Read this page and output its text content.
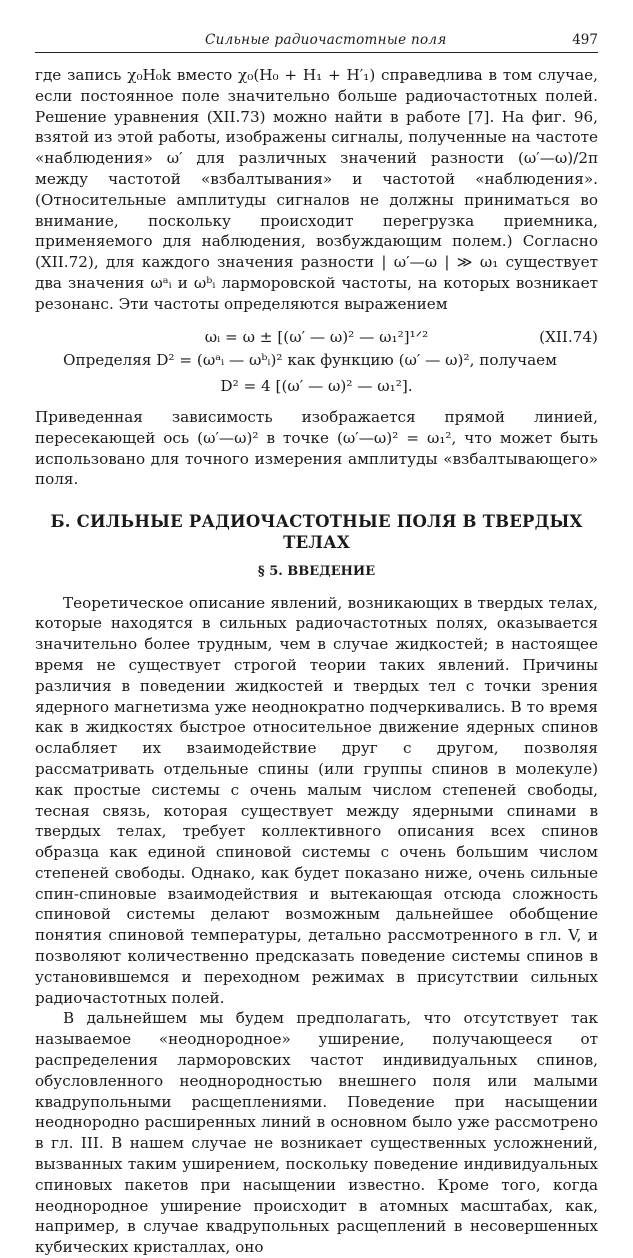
Сильные радиочастотные поля	497

где запись χ₀H₀k вместо χ₀(H₀ + H₁ + H′₁) справедлива в том случае, если постоянное поле значительно больше радиочастотных полей. Решение уравнения (XII.73) можно найти в работе [7]. На фиг. 96, взятой из этой работы, изображены сигналы, полученные на частоте «наблюдения» ω′ для различных значений разности (ω′—ω)/2π между частотой «взбалтывания» и частотой «наблюдения». (Относительные амплитуды сигналов не должны приниматься во внимание, поскольку происходит перегрузка приемника, применяемого для наблюдения, возбуждающим полем.) Согласно (XII.72), для каждого значения разности | ω′—ω | ≫ ω₁ существует два значения ωᵃᵢ и ωᵇᵢ ларморовской частоты, на которых возникает резонанс. Эти частоты определяются выражением

ωᵢ = ω ± [(ω′ — ω)² — ω₁²]¹ᐟ²	(XII.74)

Определяя D² = (ωᵃᵢ — ωᵇᵢ)² как функцию (ω′ — ω)², получаем

D² = 4 [(ω′ — ω)² — ω₁²].

Приведенная зависимость изображается прямой линией, пересекающей ось (ω′—ω)² в точке (ω′—ω)² = ω₁², что может быть использовано для точного измерения амплитуды «взбалтывающего» поля.

Б. СИЛЬНЫЕ РАДИОЧАСТОТНЫЕ ПОЛЯ В ТВЕРДЫХ ТЕЛАХ
§ 5. ВВЕДЕНИЕ

Теоретическое описание явлений, возникающих в твердых телах, которые находятся в сильных радиочастотных полях, оказывается значительно более трудным, чем в случае жидкостей; в настоящее время не существует строгой теории таких явлений. Причины различия в поведении жидкостей и твердых тел с точки зрения ядерного магнетизма уже неоднократно подчеркивались. В то время как в жидкостях быстрое относительное движение ядерных спинов ослабляет их взаимодействие друг с другом, позволяя рассматривать отдельные спины (или группы спинов в молекуле) как простые системы с очень малым числом степеней свободы, тесная связь, которая существует между ядерными спинами в твердых телах, требует коллективного описания всех спинов образца как единой спиновой системы с очень большим числом степеней свободы. Однако, как будет показано ниже, очень сильные спин-спиновые взаимодействия и вытекающая отсюда сложность спиновой системы делают возможным дальнейшее обобщение понятия спиновой температуры, детально рассмотренного в гл. V, и позволяют количественно предсказать поведение системы спинов в установившемся и переходном режимах в присутствии сильных радиочастотных полей.

В дальнейшем мы будем предполагать, что отсутствует так называемое «неоднородное» уширение, получающееся от распределения ларморовских частот индивидуальных спинов, обусловленного неоднородностью внешнего поля или малыми квадрупольными расщеплениями. Поведение при насыщении неоднородно расширенных линий в основном было уже рассмотрено в гл. III. В нашем случае не возникает существенных усложнений, вызванных таким уширением, поскольку поведение индивидуальных спиновых пакетов при насыщении известно. Кроме того, когда неоднородное уширение происходит в атомных масштабах, как, например, в случае квадрупольных расщеплений в несовершенных кубических кристаллах, оно
